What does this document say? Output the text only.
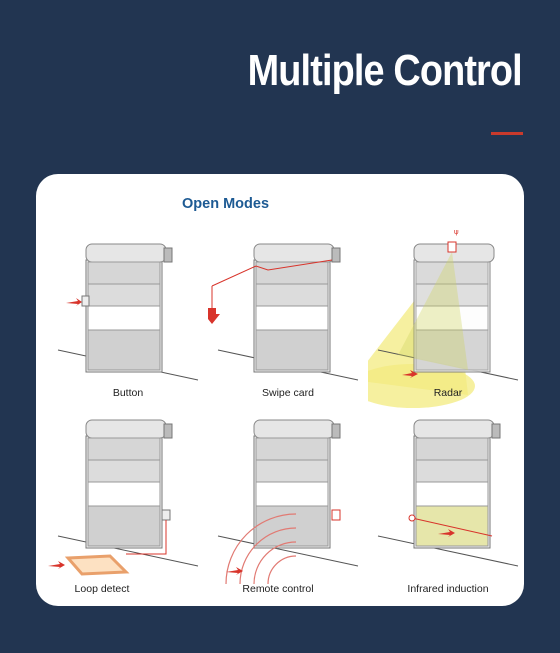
Multiple Control
Open Modes
Button	Swipe card
ψ
Radar
Loop detect	Remote control	Infrared induction
